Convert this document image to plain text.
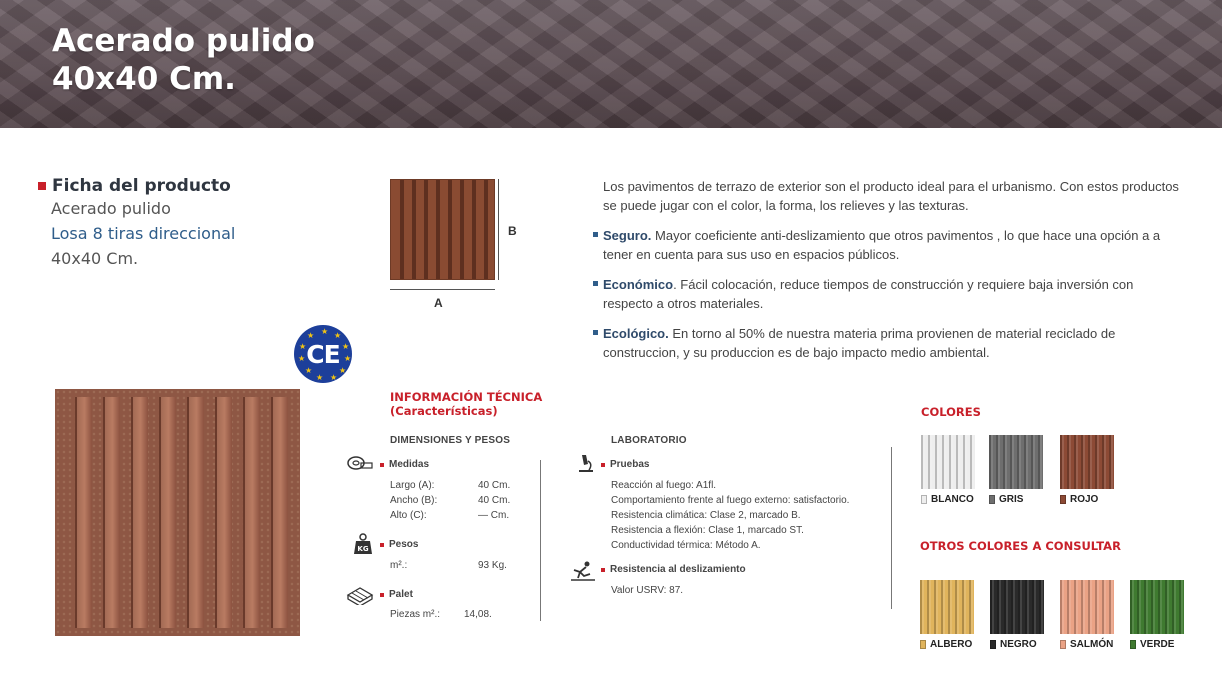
Acerado pulido
40x40 Cm.
Ficha del producto
Acerado pulido
Losa 8 tiras direccional
40x40 Cm.
B
A

Los pavimentos de terrazo de exterior son el producto ideal para el urbanismo. Con estos productos se puede jugar con el color, la forma, los relieves y las texturas.

Seguro. Mayor coeficiente anti-deslizamiento que otros pavimentos , lo que hace una opción a a tener en cuenta para sus uso en espacios públicos.

Económico. Fácil colocación, reduce tiempos de construcción y requiere baja inversión con respecto a otros materiales.

Ecológico. En torno al 50% de nuestra materia prima provienen de material reciclado de construccion, y su produccion es de bajo impacto medio ambiental.

★ ★
★
★
★
★
★
★
★
★
★
CE
INFORMACIÓN TÉCNICA
(Características)
DIMENSIONES Y PESOS
Medidas
Largo (A):	40 Cm.
Ancho (B):	40 Cm.
Alto (C):	— Cm.
KG Pesos
m².:	93 Kg.
Palet
Piezas m².: 14,08.
LABORATORIO
Pruebas
Reacción al fuego: A1fl.
Comportamiento frente al fuego externo: satisfactorio.
Resistencia climática: Clase 2, marcado B.
Resistencia a flexión: Clase 1, marcado ST.
Conductividad térmica: Método A.
Resistencia al deslizamiento
Valor USRV: 87.
COLORES
BLANCO	GRIS	ROJO
OTROS COLORES A CONSULTAR
ALBERO	NEGRO	SALMÓN	VERDE
